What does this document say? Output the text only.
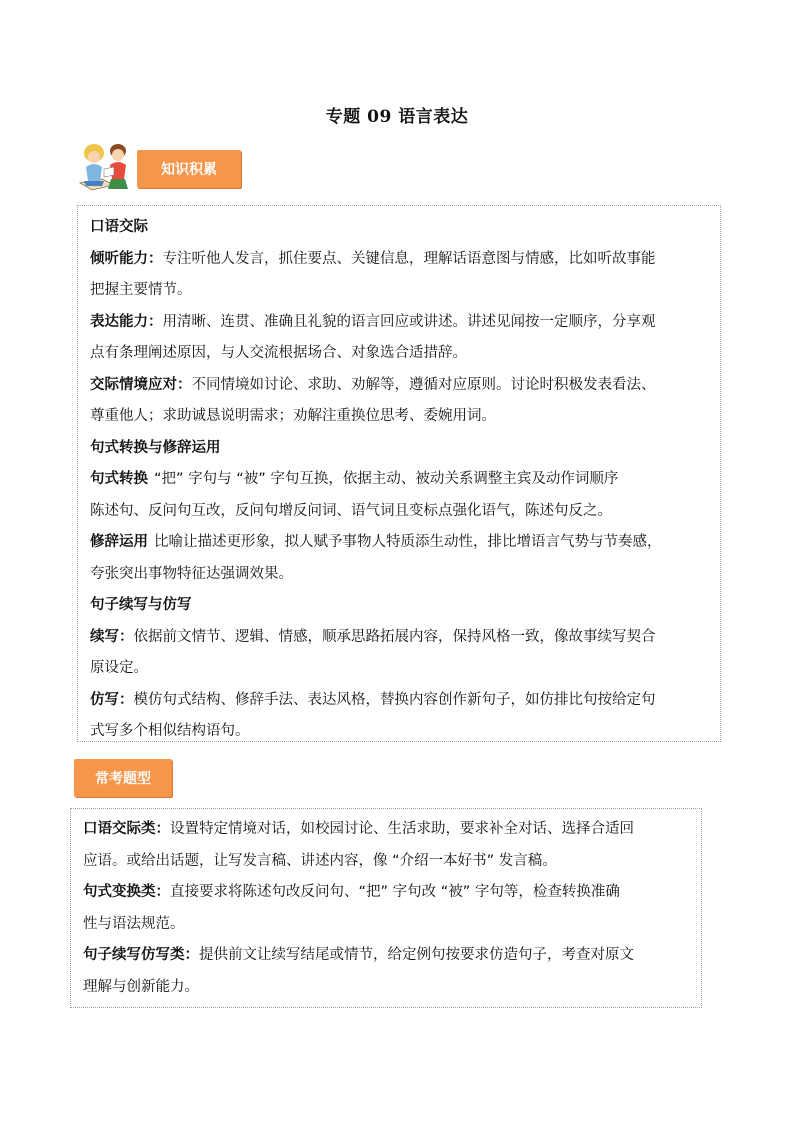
专题 09 语言表达
知识积累

口语交际

倾听能力：专注听他人发言，抓住要点、关键信息，理解话语意图与情感，比如听故事能

把握主要情节。

表达能力：用清晰、连贯、准确且礼貌的语言回应或讲述。讲述见闻按一定顺序，分享观

点有条理阐述原因，与人交流根据场合、对象选合适措辞。

交际情境应对：不同情境如讨论、求助、劝解等，遵循对应原则。讨论时积极发表看法、

尊重他人；求助诚恳说明需求；劝解注重换位思考、委婉用词。

句式转换与修辞运用

句式转换 “把” 字句与 “被” 字句互换，依据主动、被动关系调整主宾及动作词顺序

陈述句、反问句互改，反问句增反问词、语气词且变标点强化语气，陈述句反之。

修辞运用 比喻让描述更形象，拟人赋予事物人特质添生动性，排比增语言气势与节奏感，

夸张突出事物特征达强调效果。

句子续写与仿写

续写：依据前文情节、逻辑、情感，顺承思路拓展内容，保持风格一致，像故事续写契合

原设定。

仿写：模仿句式结构、修辞手法、表达风格，替换内容创作新句子，如仿排比句按给定句

式写多个相似结构语句。

常考题型

口语交际类：设置特定情境对话，如校园讨论、生活求助，要求补全对话、选择合适回

应语。或给出话题，让写发言稿、讲述内容，像 “介绍一本好书” 发言稿。

句式变换类：直接要求将陈述句改反问句、“把” 字句改 “被” 字句等，检查转换准确

性与语法规范。

句子续写仿写类：提供前文让续写结尾或情节，给定例句按要求仿造句子，考查对原文

理解与创新能力。
